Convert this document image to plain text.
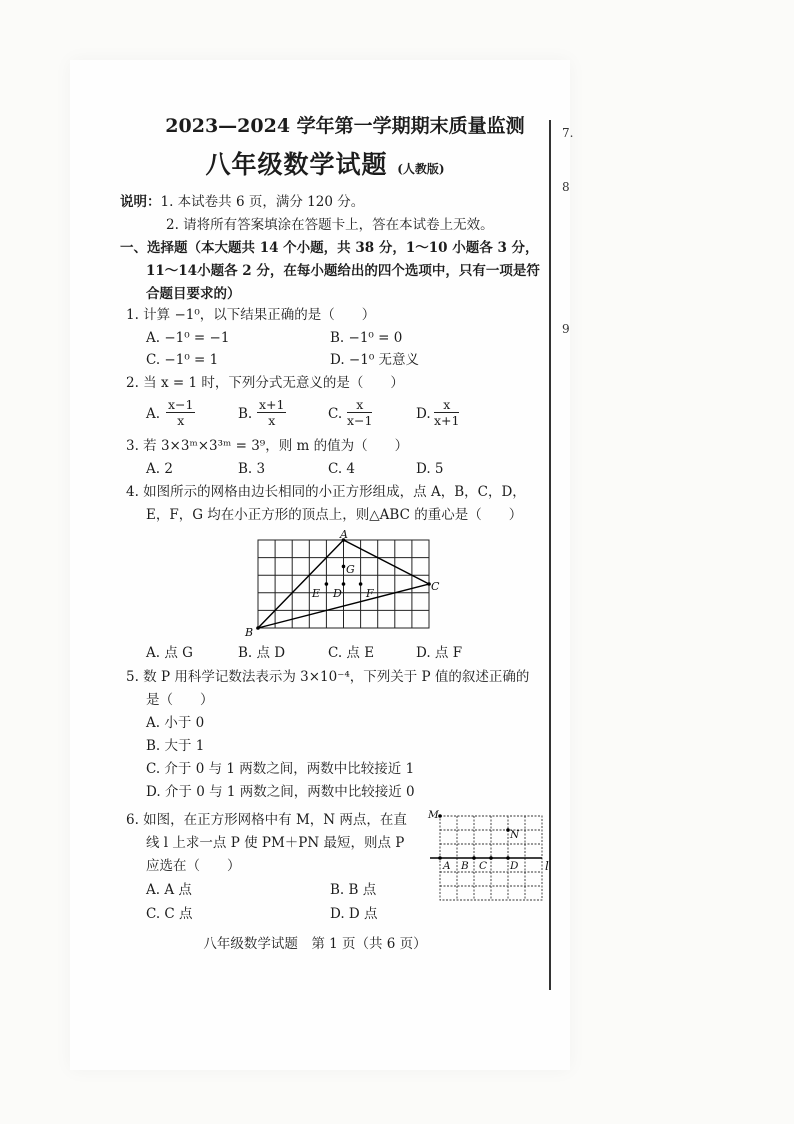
7.
8
9
2023—2024 学年第一学期期末质量监测
八年级数学试题 (人教版)
说明：1. 本试卷共 6 页，满分 120 分。
2. 请将所有答案填涂在答题卡上，答在本试卷上无效。
一、选择题（本大题共 14 个小题，共 38 分，1～10 小题各 3 分，
11～14小题各 2 分，在每小题给出的四个选项中，只有一项是符
合题目要求的）
1. 计算 −1⁰，以下结果正确的是（　　）
A. −1⁰ = −1	B. −1⁰ = 0
C. −1⁰ = 1	D. −1⁰ 无意义
2. 当 x = 1 时，下列分式无意义的是（　　）
A. $\frac{x-1}{x}$	B. $\frac{x+1}{x}$	C. $\frac{x}{x-1}$	D. $\frac{x}{x+1}$
3. 若 3×3ᵐ×3³ᵐ = 3⁹，则 m 的值为（　　）
A. 2	B. 3	C. 4	D. 5
4. 如图所示的网格由边长相同的小正方形组成，点 A，B，C，D，
E，F，G 均在小正方形的顶点上，则△ABC 的重心是（　　）
A
B
C
G
E D F
A. 点 G	B. 点 D	C. 点 E	D. 点 F
5. 数 P 用科学记数法表示为 3×10⁻⁴，下列关于 P 值的叙述正确的
是（　　）
A. 小于 0
B. 大于 1
C. 介于 0 与 1 两数之间，两数中比较接近 1
D. 介于 0 与 1 两数之间，两数中比较接近 0
6. 如图，在正方形网格中有 M，N 两点，在直
线 l 上求一点 P 使 PM＋PN 最短，则点 P
应选在（　　）
A. A 点	B. B 点
C. C 点	D. D 点
M
N
A B C D l
八年级数学试题　第 1 页（共 6 页）
